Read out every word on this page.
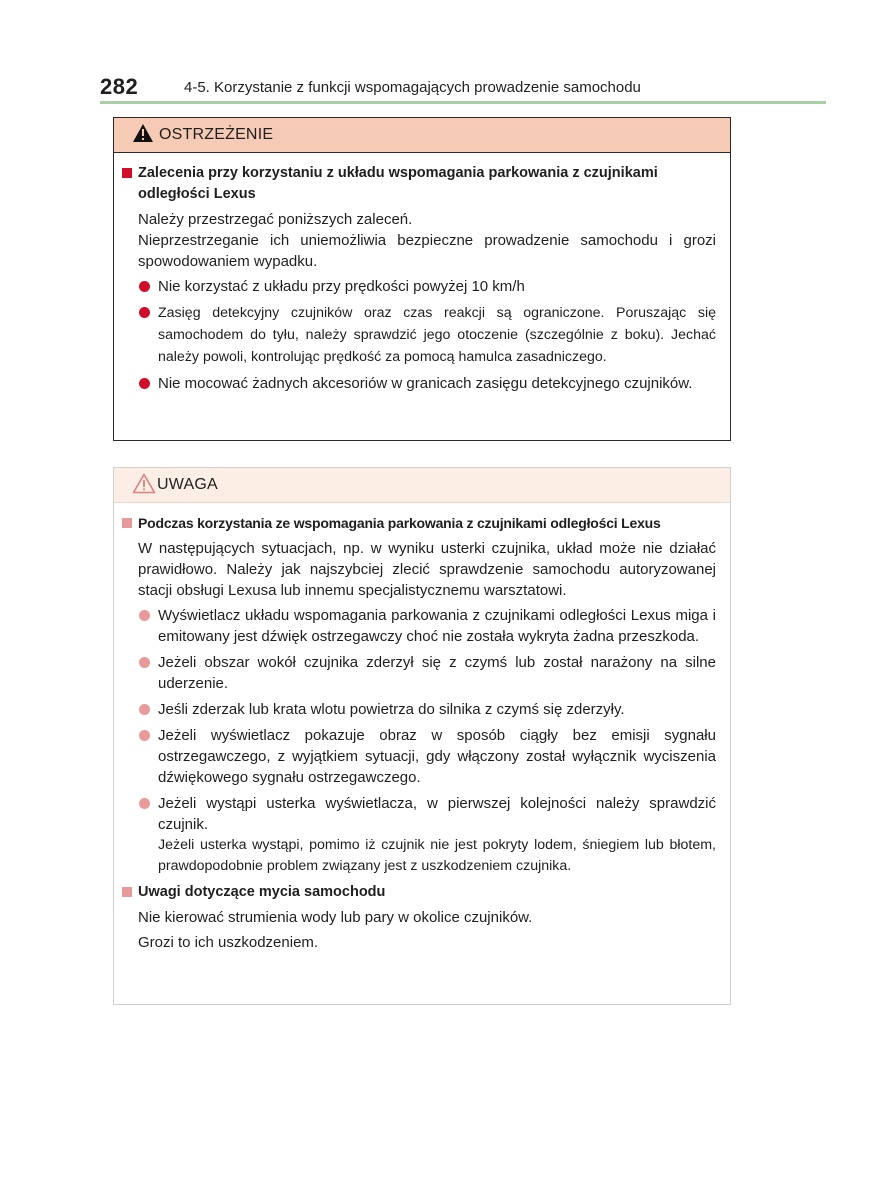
282	4-5. Korzystanie z funkcji wspomagających prowadzenie samochodu
OSTRZEŻENIE
Zalecenia przy korzystaniu z układu wspomagania parkowania z czujnikami odległości Lexus
Należy przestrzegać poniższych zaleceń.
Nieprzestrzeganie ich uniemożliwia bezpieczne prowadzenie samochodu i grozi spowodowaniem wypadku.
Nie korzystać z układu przy prędkości powyżej 10 km/h
Zasięg detekcyjny czujników oraz czas reakcji są ograniczone. Poruszając się samochodem do tyłu, należy sprawdzić jego otoczenie (szczególnie z boku). Jechać należy powoli, kontrolując prędkość za pomocą hamulca zasadniczego.
Nie mocować żadnych akcesoriów w granicach zasięgu detekcyjnego czujników.
UWAGA
Podczas korzystania ze wspomagania parkowania z czujnikami odległości Lexus
W następujących sytuacjach, np. w wyniku usterki czujnika, układ może nie działać prawidłowo. Należy jak najszybciej zlecić sprawdzenie samochodu autoryzowanej stacji obsługi Lexusa lub innemu specjalistycznemu warsztatowi.
Wyświetlacz układu wspomagania parkowania z czujnikami odległości Lexus miga i emitowany jest dźwięk ostrzegawczy choć nie została wykryta żadna przeszkoda.
Jeżeli obszar wokół czujnika zderzył się z czymś lub został narażony na silne uderzenie.
Jeśli zderzak lub krata wlotu powietrza do silnika z czymś się zderzyły.
Jeżeli wyświetlacz pokazuje obraz w sposób ciągły bez emisji sygnału ostrzegawczego, z wyjątkiem sytuacji, gdy włączony został wyłącznik wyciszenia dźwiękowego sygnału ostrzegawczego.
Jeżeli wystąpi usterka wyświetlacza, w pierwszej kolejności należy sprawdzić czujnik.
Jeżeli usterka wystąpi, pomimo iż czujnik nie jest pokryty lodem, śniegiem lub błotem, prawdopodobnie problem związany jest z uszkodzeniem czujnika.
Uwagi dotyczące mycia samochodu
Nie kierować strumienia wody lub pary w okolice czujników.
Grozi to ich uszkodzeniem.
